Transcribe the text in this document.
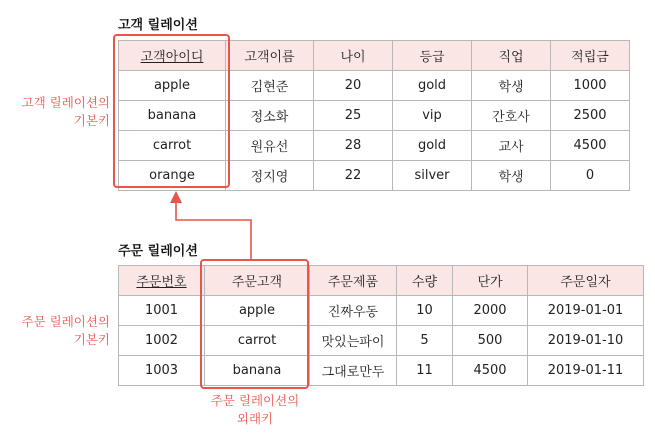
고객 릴레이션
고객아이디	고객이름	나이	등급	직업	적립금
apple	김현준	20	gold	학생	1000
banana	정소화	25	vip	간호사	2500
carrot	원유선	28	gold	교사	4500
orange	정지영	22	silver	학생	0
고객 릴레이션의
기본키
주문 릴레이션
주문번호	주문고객	주문제품	수량	단가	주문일자
1001	apple	진짜우동	10	2000	2019-01-01
1002	carrot	맛있는파이	5	500	2019-01-10
1003	banana	그대로만두	11	4500	2019-01-11
주문 릴레이션의
기본키
주문 릴레이션의
외래키
